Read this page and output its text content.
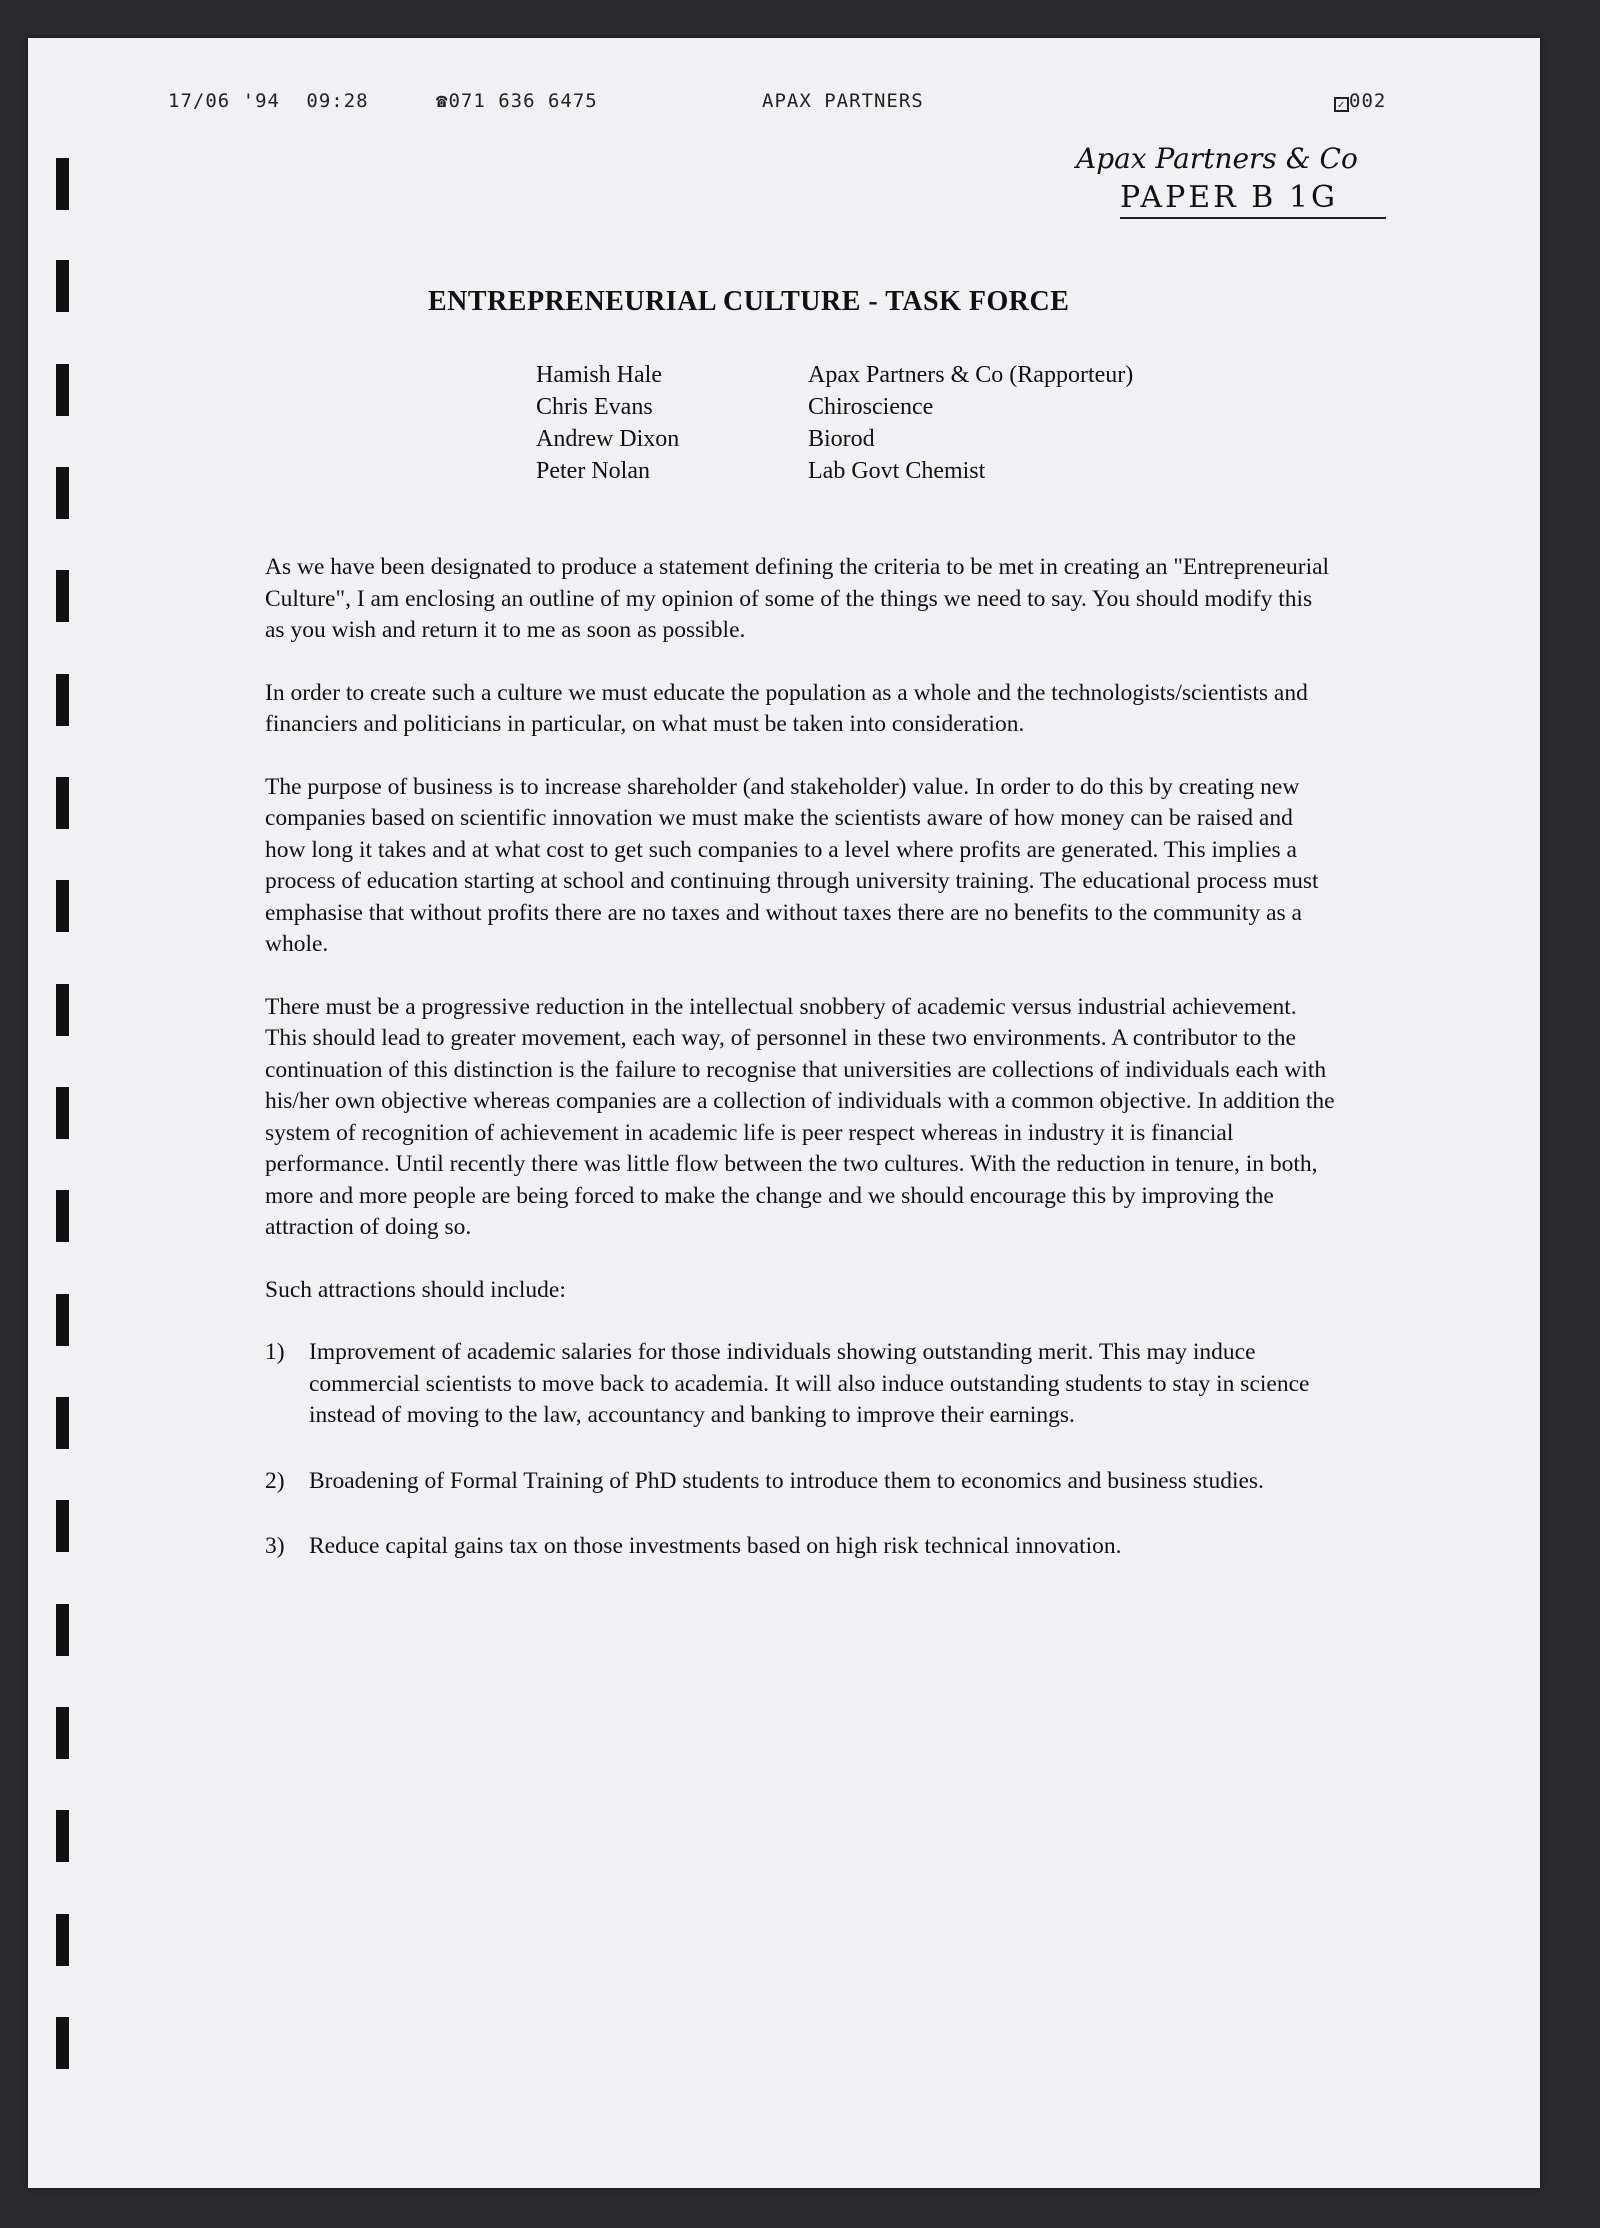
17/06 '94 09:28	☎071 636 6475	APAX PARTNERS	✓ 002
Apax Partners & Co
PAPER B 1G
ENTREPRENEURIAL CULTURE - TASK FORCE
Hamish Hale	Apax Partners & Co (Rapporteur)
Chris Evans	Chiroscience
Andrew Dixon	Biorod
Peter Nolan	Lab Govt Chemist

As we have been designated to produce a statement defining the criteria to be met in creating an "Entrepreneurial Culture", I am enclosing an outline of my opinion of some of the things we need to say. You should modify this as you wish and return it to me as soon as possible.

In order to create such a culture we must educate the population as a whole and the technologists/scientists and financiers and politicians in particular, on what must be taken into consideration.

The purpose of business is to increase shareholder (and stakeholder) value. In order to do this by creating new companies based on scientific innovation we must make the scientists aware of how money can be raised and how long it takes and at what cost to get such companies to a level where profits are generated. This implies a process of education starting at school and continuing through university training. The educational process must emphasise that without profits there are no taxes and without taxes there are no benefits to the community as a whole.

There must be a progressive reduction in the intellectual snobbery of academic versus industrial achievement. This should lead to greater movement, each way, of personnel in these two environments. A contributor to the continuation of this distinction is the failure to recognise that universities are collections of individuals each with his/her own objective whereas companies are a collection of individuals with a common objective. In addition the system of recognition of achievement in academic life is peer respect whereas in industry it is financial performance. Until recently there was little flow between the two cultures. With the reduction in tenure, in both, more and more people are being forced to make the change and we should encourage this by improving the attraction of doing so.

Such attractions should include:

1) Improvement of academic salaries for those individuals showing outstanding merit. This may induce commercial scientists to move back to academia. It will also induce outstanding students to stay in science instead of moving to the law, accountancy and banking to improve their earnings.
2) Broadening of Formal Training of PhD students to introduce them to economics and business studies.
3) Reduce capital gains tax on those investments based on high risk technical innovation.
